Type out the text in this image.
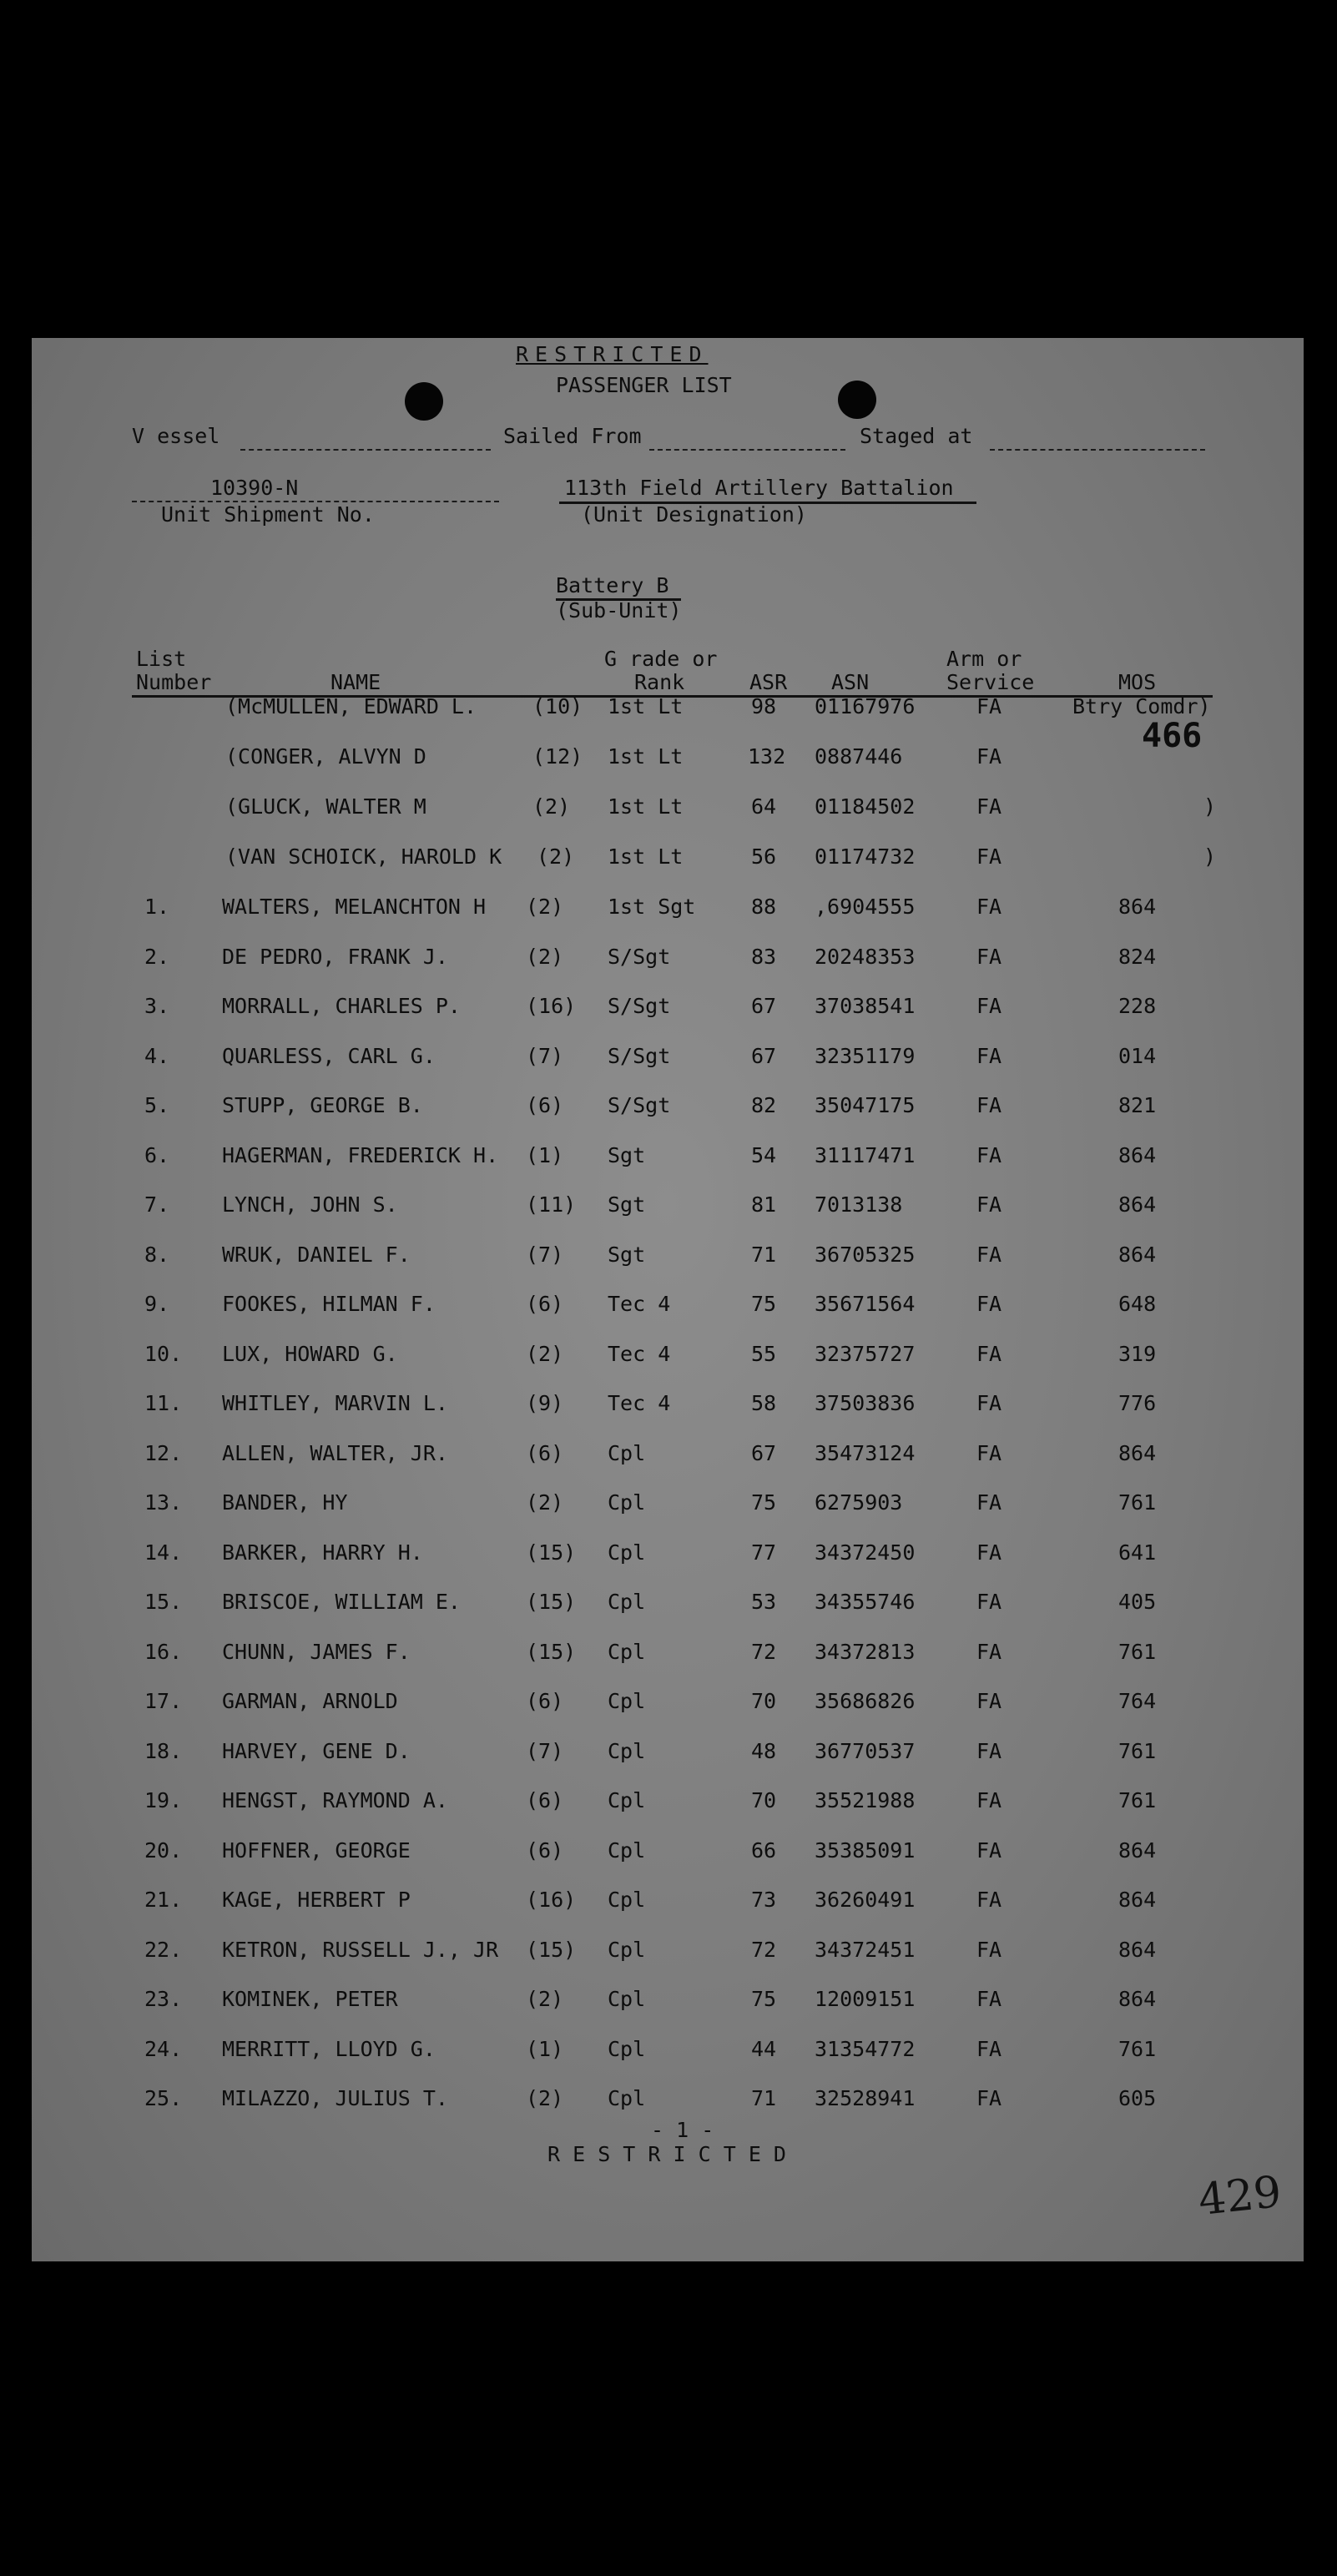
RESTRICTED
PASSENGER LIST
V essel	Sailed From	Staged at
10390-N
Unit Shipment No.
113th Field Artillery Battalion
(Unit Designation)
Battery B
(Sub-Unit)
List
Number	NAME
G rade or
Rank	ASR ASN
Arm or
Service	MOS
(McMULLEN, EDWARD L.	(10) 1st Lt	98 01167976	FA	Btry Comdr)
(CONGER, ALVYN D	(12) 1st Lt	132 0887446	FA
466
(GLUCK, WALTER M	(2) 1st Lt	64 01184502	FA	)
(VAN SCHOICK, HAROLD K (2) 1st Lt	56 01174732	FA	)
1.	WALTERS, MELANCHTON H (2) 1st Sgt	88 ,6904555	FA	864
2.	DE PEDRO, FRANK J.	(2) S/Sgt	83 20248353	FA	824
3.	MORRALL, CHARLES P.	(16) S/Sgt	67 37038541	FA	228
4.	QUARLESS, CARL G.	(7) S/Sgt	67 32351179	FA	014
5.	STUPP, GEORGE B.	(6) S/Sgt	82 35047175	FA	821
6.	HAGERMAN, FREDERICK H. (1) Sgt	54 31117471	FA	864
7.	LYNCH, JOHN S.	(11) Sgt	81 7013138	FA	864
8.	WRUK, DANIEL F.	(7) Sgt	71 36705325	FA	864
9.	FOOKES, HILMAN F.	(6) Tec 4	75 35671564	FA	648
10. LUX, HOWARD G.	(2) Tec 4	55 32375727	FA	319
11. WHITLEY, MARVIN L.	(9) Tec 4	58 37503836	FA	776
12. ALLEN, WALTER, JR.	(6) Cpl	67 35473124	FA	864
13. BANDER, HY	(2) Cpl	75 6275903	FA	761
14. BARKER, HARRY H.	(15) Cpl	77 34372450	FA	641
15. BRISCOE, WILLIAM E.	(15) Cpl	53 34355746	FA	405
16. CHUNN, JAMES F.	(15) Cpl	72 34372813	FA	761
17. GARMAN, ARNOLD	(6) Cpl	70 35686826	FA	764
18. HARVEY, GENE D.	(7) Cpl	48 36770537	FA	761
19. HENGST, RAYMOND A.	(6) Cpl	70 35521988	FA	761
20. HOFFNER, GEORGE	(6) Cpl	66 35385091	FA	864
21. KAGE, HERBERT P	(16) Cpl	73 36260491	FA	864
22. KETRON, RUSSELL J., JR (15) Cpl	72 34372451	FA	864
23. KOMINEK, PETER	(2) Cpl	75 12009151	FA	864
24. MERRITT, LLOYD G.	(1) Cpl	44 31354772	FA	761
25. MILAZZO, JULIUS T.	(2) Cpl	71 32528941	FA	605
- 1 -
R E S T R I C T E D
429
